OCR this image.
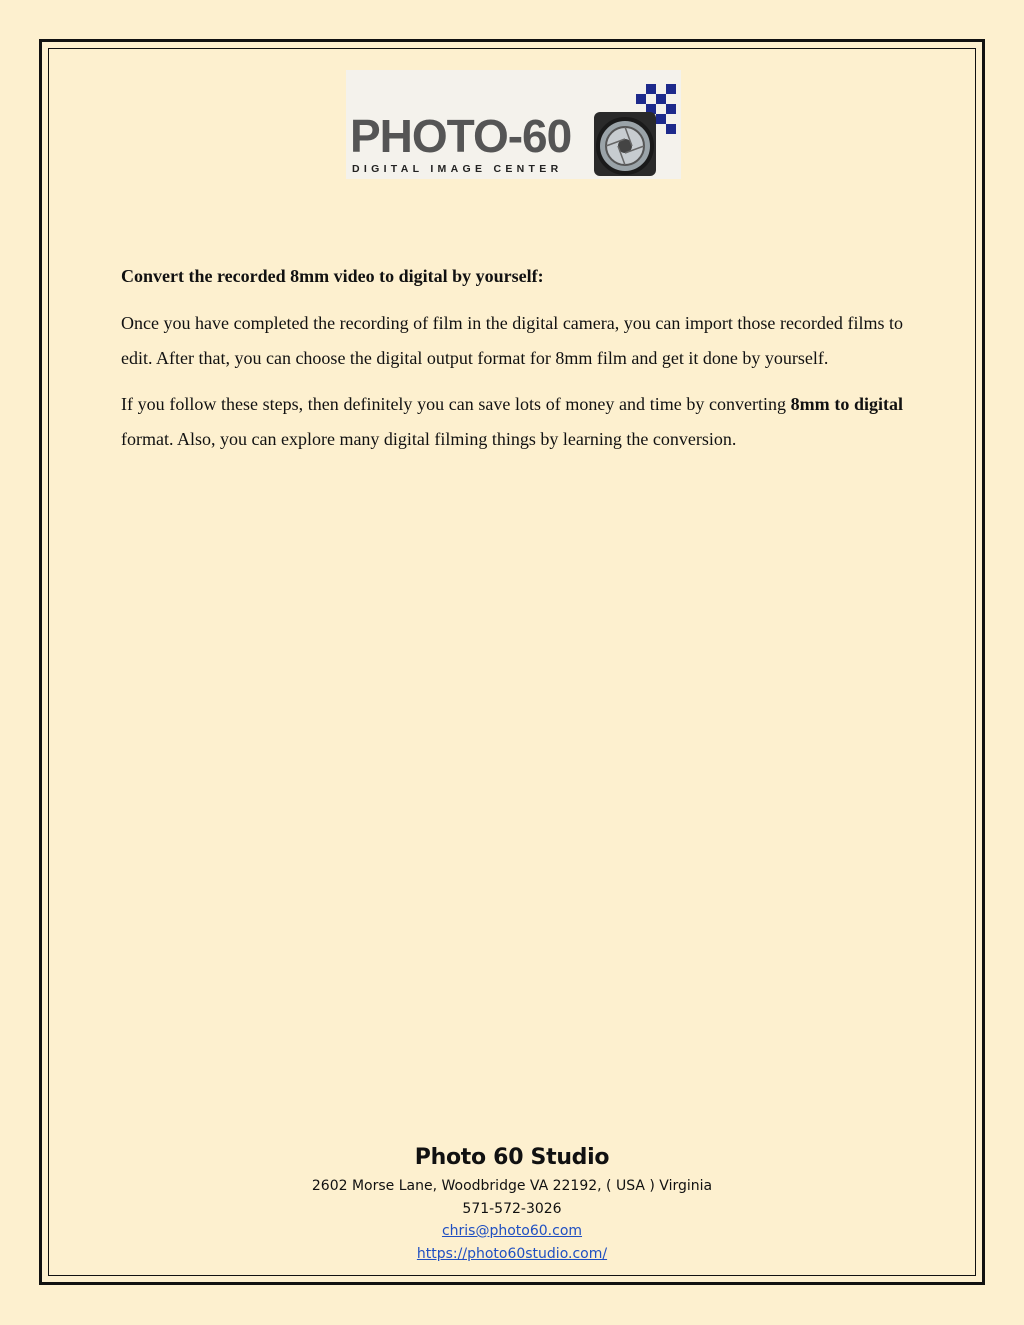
PHOTO-60
DIGITAL IMAGE CENTER

Convert the recorded 8mm video to digital by yourself:

Once you have completed the recording of film in the digital camera, you can import those recorded films to edit. After that, you can choose the digital output format for 8mm film and get it done by yourself.

If you follow these steps, then definitely you can save lots of money and time by converting 8mm to digital format. Also, you can explore many digital filming things by learning the conversion.

Photo 60 Studio
2602 Morse Lane, Woodbridge VA 22192, ( USA ) Virginia
571-572-3026
chris@photo60.com
https://photo60studio.com/
